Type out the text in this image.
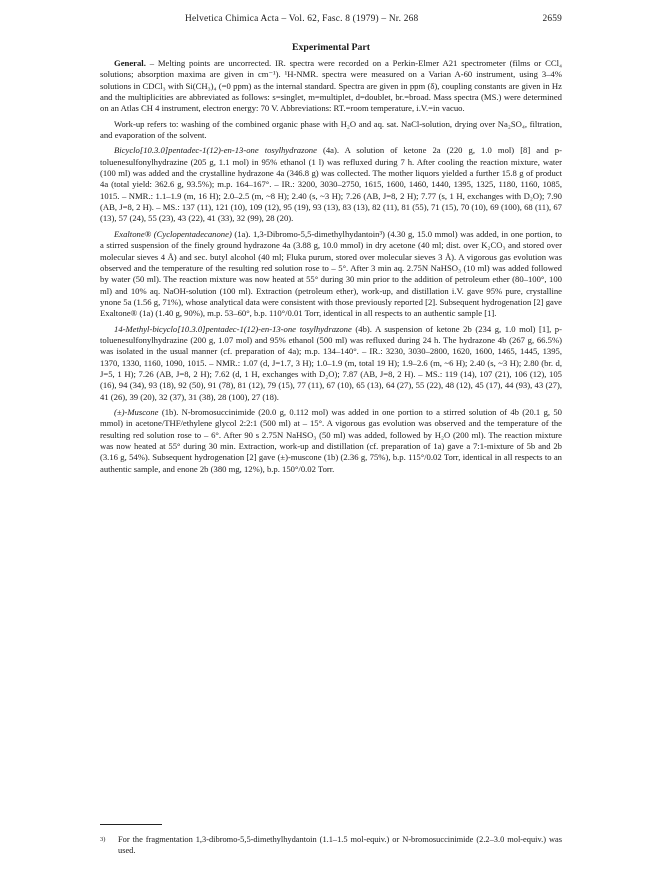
Helvetica Chimica Acta – Vol. 62, Fasc. 8 (1979) – Nr. 268	2659
Experimental Part

General. – Melting points are uncorrected. IR. spectra were recorded on a Perkin-Elmer A21 spectrometer (films or CCl₄ solutions; absorption maxima are given in cm⁻¹). ¹H-NMR. spectra were measured on a Varian A-60 instrument, using 3–4% solutions in CDCl₃ with Si(CH₃)₄ (=0 ppm) as the internal standard. Spectra are given in ppm (δ), coupling constants are given in Hz and the multiplicities are abbreviated as follows: s=singlet, m=multiplet, d=doublet, br.=broad. Mass spectra (MS.) were determined on an Atlas CH 4 instrument, electron energy: 70 V. Abbreviations: RT.=room temperature, i.V.=in vacuo.

Work-up refers to: washing of the combined organic phase with H₂O and aq. sat. NaCl-solution, drying over Na₂SO₄, filtration, and evaporation of the solvent.

Bicyclo[10.3.0]pentadec-1(12)-en-13-one tosylhydrazone (4a). A solution of ketone 2a (220 g, 1.0 mol) [8] and p-toluenesulfonylhydrazine (205 g, 1.1 mol) in 95% ethanol (1 l) was refluxed during 7 h. After cooling the reaction mixture, water (100 ml) was added and the crystalline hydrazone 4a (346.8 g) was collected. The mother liquors yielded a further 15.8 g of product 4a (total yield: 362.6 g, 93.5%); m.p. 164–167°. – IR.: 3200, 3030–2750, 1615, 1600, 1460, 1440, 1395, 1325, 1180, 1160, 1085, 1015. – NMR.: 1.1–1.9 (m, 16 H); 2.0–2.5 (m, ~8 H); 2.40 (s, ~3 H); 7.26 (AB, J=8, 2 H); 7.77 (s, 1 H, exchanges with D₂O); 7.90 (AB, J=8, 2 H). – MS.: 137 (11), 121 (10), 109 (12), 95 (19), 93 (13), 83 (13), 82 (11), 81 (55), 71 (15), 70 (10), 69 (100), 68 (11), 67 (13), 57 (24), 55 (23), 43 (22), 41 (33), 32 (99), 28 (20).

Exaltone® (Cyclopentadecanone) (1a). 1,3-Dibromo-5,5-dimethylhydantoin³) (4.30 g, 15.0 mmol) was added, in one portion, to a stirred suspension of the finely ground hydrazone 4a (3.88 g, 10.0 mmol) in dry acetone (40 ml; dist. over K₂CO₃ and stored over molecular sieves 4 Å) and sec. butyl alcohol (40 ml; Fluka purum, stored over molecular sieves 3 Å). A vigorous gas evolution was observed and the temperature of the resulting red solution rose to – 5°. After 3 min aq. 2.75N NaHSO₃ (10 ml) was added followed by water (50 ml). The reaction mixture was now heated at 55° during 30 min prior to the addition of petroleum ether (80–100°, 100 ml) and 10% aq. NaOH-solution (100 ml). Extraction (petroleum ether), work-up, and distillation i.V. gave 95% pure, crystalline ynone 5a (1.56 g, 71%), whose analytical data were consistent with those previously reported [2]. Subsequent hydrogenation [2] gave Exaltone® (1a) (1.40 g, 90%), m.p. 53–60°, b.p. 110°/0.01 Torr, identical in all respects to an authentic sample [1].

14-Methyl-bicyclo[10.3.0]pentadec-1(12)-en-13-one tosylhydrazone (4b). A suspension of ketone 2b (234 g, 1.0 mol) [1], p-toluenesulfonylhydrazine (200 g, 1.07 mol) and 95% ethanol (500 ml) was refluxed during 24 h. The hydrazone 4b (267 g, 66.5%) was isolated in the usual manner (cf. preparation of 4a); m.p. 134–140°. – IR.: 3230, 3030–2800, 1620, 1600, 1465, 1445, 1395, 1370, 1330, 1160, 1090, 1015. – NMR.: 1.07 (d, J=1.7, 3 H); 1.0–1.9 (m, total 19 H); 1.9–2.6 (m, ~6 H); 2.40 (s, ~3 H); 2.80 (br. d, J=5, 1 H); 7.26 (AB, J=8, 2 H); 7.62 (d, 1 H, exchanges with D₂O); 7.87 (AB, J=8, 2 H). – MS.: 119 (14), 107 (21), 106 (12), 105 (16), 94 (34), 93 (18), 92 (50), 91 (78), 81 (12), 79 (15), 77 (11), 67 (10), 65 (13), 64 (27), 55 (22), 48 (12), 45 (17), 44 (93), 43 (27), 41 (26), 39 (20), 32 (37), 31 (38), 28 (100), 27 (18).

(±)-Muscone (1b). N-bromosuccinimide (20.0 g, 0.112 mol) was added in one portion to a stirred solution of 4b (20.1 g, 50 mmol) in acetone/THF/ethylene glycol 2:2:1 (500 ml) at – 15°. A vigorous gas evolution was observed and the temperature of the resulting red solution rose to – 6°. After 90 s 2.75N NaHSO₃ (50 ml) was added, followed by H₂O (200 ml). The reaction mixture was now heated at 55° during 30 min. Extraction, work-up and distillation (cf. preparation of 1a) gave a 7:1-mixture of 5b and 2b (3.16 g, 54%). Subsequent hydrogenation [2] gave (±)-muscone (1b) (2.36 g, 75%), b.p. 115°/0.02 Torr, identical in all respects to an authentic sample, and enone 2b (380 mg, 12%), b.p. 150°/0.02 Torr.

3) For the fragmentation 1,3-dibromo-5,5-dimethylhydantoin (1.1–1.5 mol-equiv.) or N-bromosuccinimide (2.2–3.0 mol-equiv.) was used.
